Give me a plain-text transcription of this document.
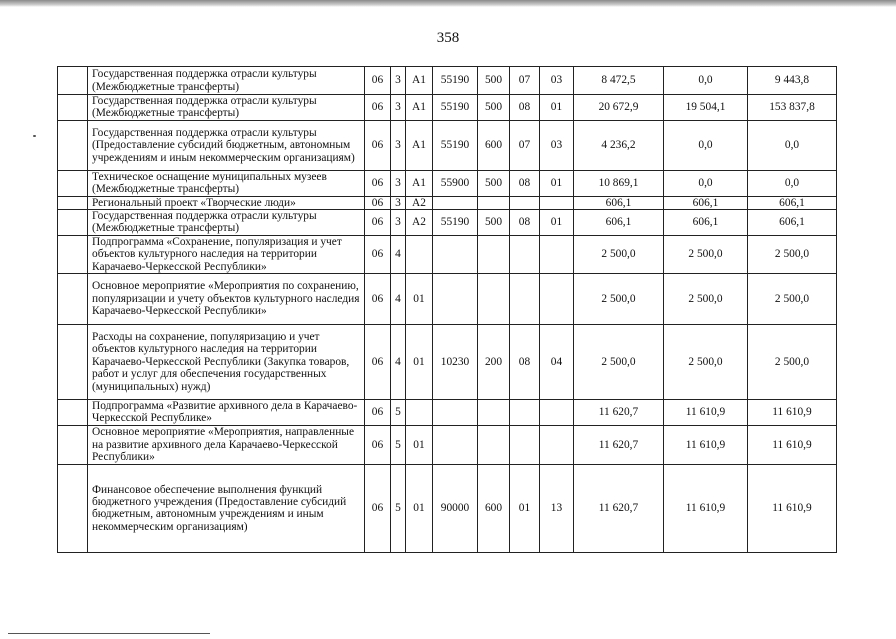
358
	Государственная поддержка отрасли культуры (Межбюджетные трансферты)	06	3	A1	55190	500	07	03	8 472,5	0,0	9 443,8
	Государственная поддержка отрасли культуры (Межбюджетные трансферты)	06	3	A1	55190	500	08	01	20 672,9	19 504,1	153 837,8
	Государственная поддержка отрасли культуры (Предоставление субсидий бюджетным, автономным учреждениям и иным некоммерческим организациям)	06	3	A1	55190	600	07	03	4 236,2	0,0	0,0
	Техническое оснащение муниципальных музеев (Межбюджетные трансферты)	06	3	A1	55900	500	08	01	10 869,1	0,0	0,0
	Региональный проект «Творческие люди»	06	3	A2					606,1	606,1	606,1
	Государственная поддержка отрасли культуры (Межбюджетные трансферты)	06	3	A2	55190	500	08	01	606,1	606,1	606,1
	Подпрограмма «Сохранение, популяризация и учет объектов культурного наследия на территории Карачаево-Черкесской Республики»	06	4						2 500,0	2 500,0	2 500,0
	Основное мероприятие «Мероприятия по сохранению, популяризации и учету объектов культурного наследия Карачаево-Черкесской Республики»	06	4	01					2 500,0	2 500,0	2 500,0
	Расходы на сохранение, популяризацию и учет объектов культурного наследия на территории Карачаево-Черкесской Республики (Закупка товаров, работ и услуг для обеспечения государственных (муниципальных) нужд)	06	4	01	10230	200	08	04	2 500,0	2 500,0	2 500,0
	Подпрограмма «Развитие архивного дела в Карачаево-Черкесской Республике»	06	5						11 620,7	11 610,9	11 610,9
	Основное мероприятие «Мероприятия, направленные на развитие архивного дела Карачаево-Черкесской Республики»	06	5	01					11 620,7	11 610,9	11 610,9
	Финансовое обеспечение выполнения функций бюджетного учреждения (Предоставление субсидий бюджетным, автономным учреждениям и иным некоммерческим организациям)	06	5	01	90000	600	01	13	11 620,7	11 610,9	11 610,9
